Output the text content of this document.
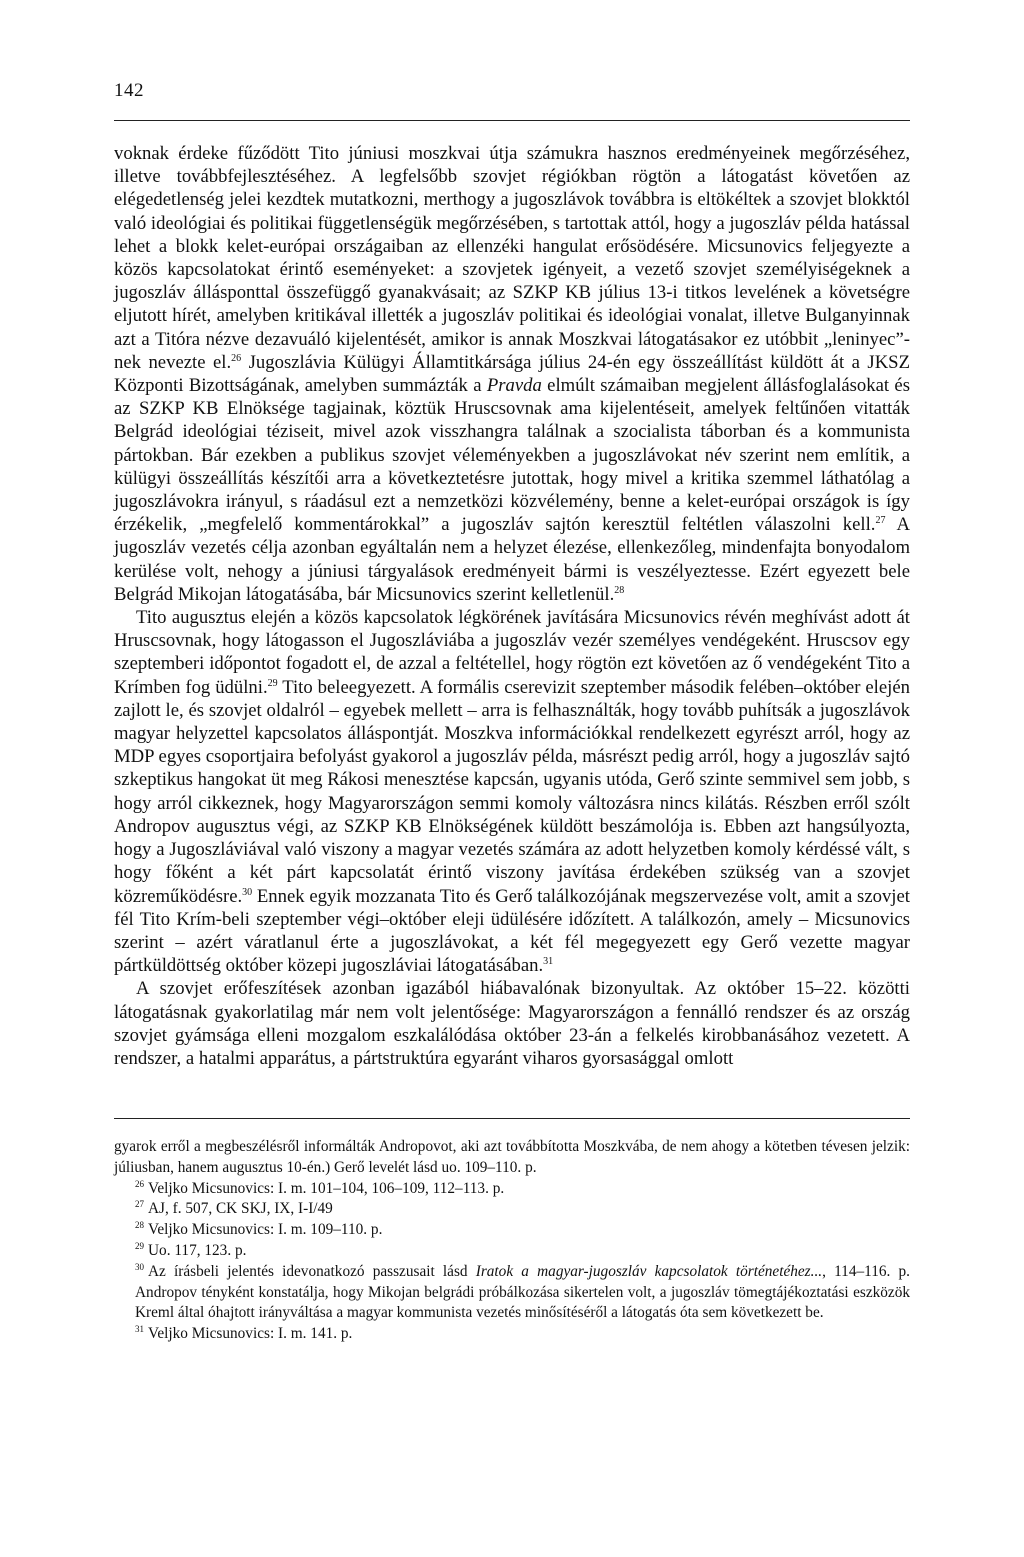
142

voknak érdeke fűződött Tito júniusi moszkvai útja számukra hasznos eredményeinek megőrzéséhez, illetve továbbfejlesztéséhez. A legfelsőbb szovjet régiókban rögtön a látogatást követően az elégedetlenség jelei kezdtek mutatkozni, merthogy a jugoszlávok továbbra is eltökéltek a szovjet blokktól való ideológiai és politikai függetlenségük megőrzésében, s tartottak attól, hogy a jugoszláv példa hatással lehet a blokk kelet-európai országaiban az ellenzéki hangulat erősödésére. Micsunovics feljegyezte a közös kapcsolatokat érintő eseményeket: a szovjetek igényeit, a vezető szovjet személyiségeknek a jugoszláv állásponttal összefüggő gyanakvásait; az SZKP KB július 13-i titkos levelének a követségre eljutott hírét, amelyben kritikával illették a jugoszláv politikai és ideológiai vonalat, illetve Bulganyinnak azt a Titóra nézve dezavuáló kijelentését, amikor is annak Moszkvai látogatásakor ez utóbbit „leninyec”-nek nevezte el.$^{26}$ Jugoszlávia Külügyi Államtitkársága július 24-én egy összeállítást küldött át a JKSZ Központi Bizottságának, amelyben summázták a Pravda elmúlt számaiban megjelent állásfoglalásokat és az SZKP KB Elnöksége tagjainak, köztük Hruscsovnak ama kijelentéseit, amelyek feltűnően vitatták Belgrád ideológiai téziseit, mivel azok visszhangra találnak a szocialista táborban és a kommunista pártokban. Bár ezekben a publikus szovjet véleményekben a jugoszlávokat név szerint nem említik, a külügyi összeállítás készítői arra a következtetésre jutottak, hogy mivel a kritika szemmel láthatólag a jugoszlávokra irányul, s ráadásul ezt a nemzetközi közvélemény, benne a kelet-európai országok is így érzékelik, „megfelelő kommentárokkal” a jugoszláv sajtón keresztül feltétlen válaszolni kell.$^{27}$ A jugoszláv vezetés célja azonban egyáltalán nem a helyzet élezése, ellenkezőleg, mindenfajta bonyodalom kerülése volt, nehogy a júniusi tárgyalások eredményeit bármi is veszélyeztesse. Ezért egyezett bele Belgrád Mikojan látogatásába, bár Micsunovics szerint kelletlenül.$^{28}$

Tito augusztus elején a közös kapcsolatok légkörének javítására Micsunovics révén meghívást adott át Hruscsovnak, hogy látogasson el Jugoszláviába a jugoszláv vezér személyes vendégeként. Hruscsov egy szeptemberi időpontot fogadott el, de azzal a feltétellel, hogy rögtön ezt követően az ő vendégeként Tito a Krímben fog üdülni.$^{29}$ Tito beleegyezett. A formális cserevizit szeptember második felében–október elején zajlott le, és szovjet oldalról – egyebek mellett – arra is felhasználták, hogy tovább puhítsák a jugoszlávok magyar helyzettel kapcsolatos álláspontját. Moszkva információkkal rendelkezett egyrészt arról, hogy az MDP egyes csoportjaira befolyást gyakorol a jugoszláv példa, másrészt pedig arról, hogy a jugoszláv sajtó szkeptikus hangokat üt meg Rákosi menesztése kapcsán, ugyanis utóda, Gerő szinte semmivel sem jobb, s hogy arról cikkeznek, hogy Magyarországon semmi komoly változásra nincs kilátás. Részben erről szólt Andropov augusztus végi, az SZKP KB Elnökségének küldött beszámolója is. Ebben azt hangsúlyozta, hogy a Jugoszláviával való viszony a magyar vezetés számára az adott helyzetben komoly kérdéssé vált, s hogy főként a két párt kapcsolatát érintő viszony javítása érdekében szükség van a szovjet közreműködésre.$^{30}$ Ennek egyik mozzanata Tito és Gerő találkozójának megszervezése volt, amit a szovjet fél Tito Krím-beli szeptember végi–október eleji üdülésére időzített. A találkozón, amely – Micsunovics szerint – azért váratlanul érte a jugoszlávokat, a két fél megegyezett egy Gerő vezette magyar pártküldöttség október közepi jugoszláviai látogatásában.$^{31}$

A szovjet erőfeszítések azonban igazából hiábavalónak bizonyultak. Az október 15–22. közötti látogatásnak gyakorlatilag már nem volt jelentősége: Magyarországon a fennálló rendszer és az ország szovjet gyámsága elleni mozgalom eszkalálódása október 23-án a felkelés kirobbanásához vezetett. A rendszer, a hatalmi apparátus, a pártstruktúra egyaránt viharos gyorsasággal omlott

gyarok erről a megbeszélésről informálták Andropovot, aki azt továbbította Moszkvába, de nem ahogy a kötetben tévesen jelzik: júliusban, hanem augusztus 10-én.) Gerő levelét lásd uo. 109–110. p.

$^{26}$ Veljko Micsunovics: I. m. 101–104, 106–109, 112–113. p.

$^{27}$ AJ, f. 507, CK SKJ, IX, I-I/49

$^{28}$ Veljko Micsunovics: I. m. 109–110. p.

$^{29}$ Uo. 117, 123. p.

$^{30}$ Az írásbeli jelentés idevonatkozó passzusait lásd Iratok a magyar-jugoszláv kapcsolatok történetéhez..., 114–116. p. Andropov tényként konstatálja, hogy Mikojan belgrádi próbálkozása sikertelen volt, a jugoszláv tömegtájékoztatási eszközök Kreml által óhajtott irányváltása a magyar kommunista vezetés minősítéséről a látogatás óta sem következett be.

$^{31}$ Veljko Micsunovics: I. m. 141. p.
